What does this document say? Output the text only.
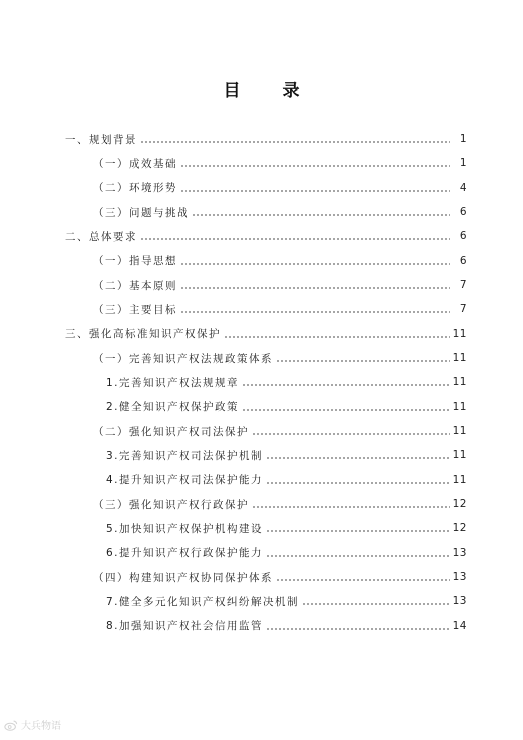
目 录
一、规划背景	1
（一）成效基础	1
（二）环境形势	4
（三）问题与挑战	6
二、总体要求	6
（一）指导思想	6
（二）基本原则	7
（三）主要目标	7
三、强化高标准知识产权保护	11
（一）完善知识产权法规政策体系	11
1.完善知识产权法规规章	11
2.健全知识产权保护政策	11
（二）强化知识产权司法保护	11
3.完善知识产权司法保护机制	11
4.提升知识产权司法保护能力	11
（三）强化知识产权行政保护	12
5.加快知识产权保护机构建设	12
6.提升知识产权行政保护能力	13
（四）构建知识产权协同保护体系	13
7.健全多元化知识产权纠纷解决机制	13
8.加强知识产权社会信用监管	14
大兵物语
